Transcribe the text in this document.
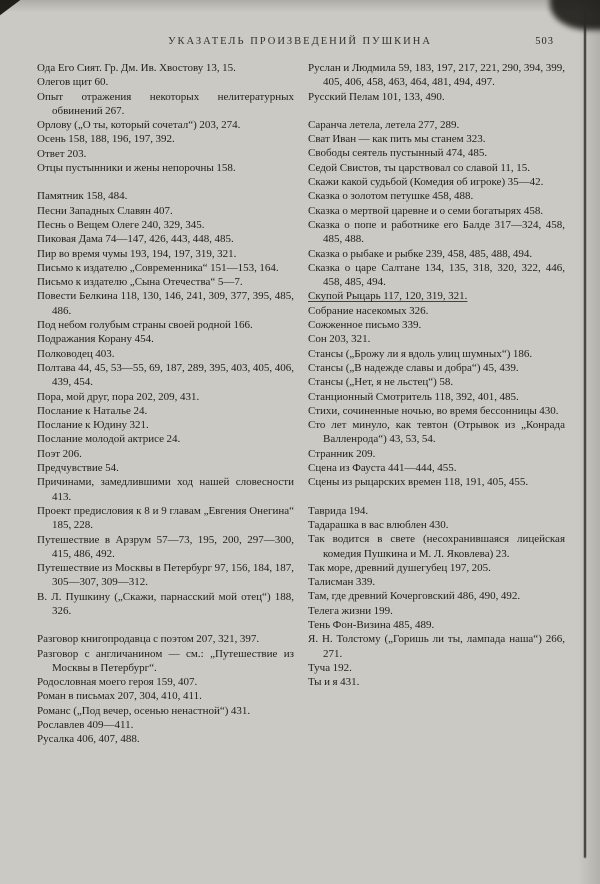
УКАЗАТЕЛЬ ПРОИЗВЕДЕНИЙ ПУШКИНА	503

Ода Его Сият. Гр. Дм. Ив. Хвостову 13, 15.

Олегов щит 60.

Опыт отражения некоторых нелитературных обвинений 267.

Орлову („О ты, который сочетал“) 203, 274.

Осень 158, 188, 196, 197, 392.

Ответ 203.

Отцы пустынники и жены непорочны 158.

Памятник 158, 484.

Песни Западных Славян 407.

Песнь о Вещем Олеге 240, 329, 345.

Пиковая Дама 74—147, 426, 443, 448, 485.

Пир во время чумы 193, 194, 197, 319, 321.

Письмо к издателю „Современника“ 151—153, 164.

Письмо к издателю „Сына Отечества“ 5—7.

Повести Белкина 118, 130, 146, 241, 309, 377, 395, 485, 486.

Под небом голубым страны своей родной 166.

Подражания Корану 454.

Полководец 403.

Полтава 44, 45, 53—55, 69, 187, 289, 395, 403, 405, 406, 439, 454.

Пора, мой друг, пора 202, 209, 431.

Послание к Наталье 24.

Послание к Юдину 321.

Послание молодой актрисе 24.

Поэт 206.

Предчувствие 54.

Причинами, замедлившими ход нашей словесности 413.

Проект предисловия к 8 и 9 главам „Евгения Онегина“ 185, 228.

Путешествие в Арзрум 57—73, 195, 200, 297—300, 415, 486, 492.

Путешествие из Москвы в Петербург 97, 156, 184, 187, 305—307, 309—312.

В. Л. Пушкину („Скажи, парнасский мой отец“) 188, 326.

Разговор книгопродавца с поэтом 207, 321, 397.

Разговор с англичанином — см.: „Путешествие из Москвы в Петербург“.

Родословная моего героя 159, 407.

Роман в письмах 207, 304, 410, 411.

Романс („Под вечер, осенью ненастной“) 431.

Рославлев 409—411.

Русалка 406, 407, 488.

Руслан и Людмила 59, 183, 197, 217, 221, 290, 394, 399, 405, 406, 458, 463, 464, 481, 494, 497.

Русский Пелам 101, 133, 490.

Саранча летела, летела 277, 289.

Сват Иван — как пить мы станем 323.

Свободы сеятель пустынный 474, 485.

Седой Свистов, ты царствовал со славой 11, 15.

Скажи какой судьбой (Комедия об игроке) 35—42.

Сказка о золотом петушке 458, 488.

Сказка о мертвой царевне и о семи богатырях 458.

Сказка о попе и работнике его Балде 317—324, 458, 485, 488.

Сказка о рыбаке и рыбке 239, 458, 485, 488, 494.

Сказка о царе Салтане 134, 135, 318, 320, 322, 446, 458, 485, 494.

Скупой Рыцарь 117, 120, 319, 321.

Собрание насекомых 326.

Сожженное письмо 339.

Сон 203, 321.

Стансы („Брожу ли я вдоль улиц шумных“) 186.

Стансы („В надежде славы и добра“) 45, 439.

Стансы („Нет, я не льстец“) 58.

Станционный Смотритель 118, 392, 401, 485.

Стихи, сочиненные ночью, во время бессонницы 430.

Сто лет минуло, как тевтон (Отрывок из „Конрада Валленрода“) 43, 53, 54.

Странник 209.

Сцена из Фауста 441—444, 455.

Сцены из рыцарских времен 118, 191, 405, 455.

Таврида 194.

Тадарашка в вас влюблен 430.

Так водится в свете (несохранившаяся лицейская комедия Пушкина и М. Л. Яковлева) 23.

Так море, древний душегубец 197, 205.

Талисман 339.

Там, где древний Кочерговский 486, 490, 492.

Телега жизни 199.

Тень Фон-Визина 485, 489.

Я. Н. Толстому („Горишь ли ты, лампада наша“) 266, 271.

Туча 192.

Ты и я 431.
